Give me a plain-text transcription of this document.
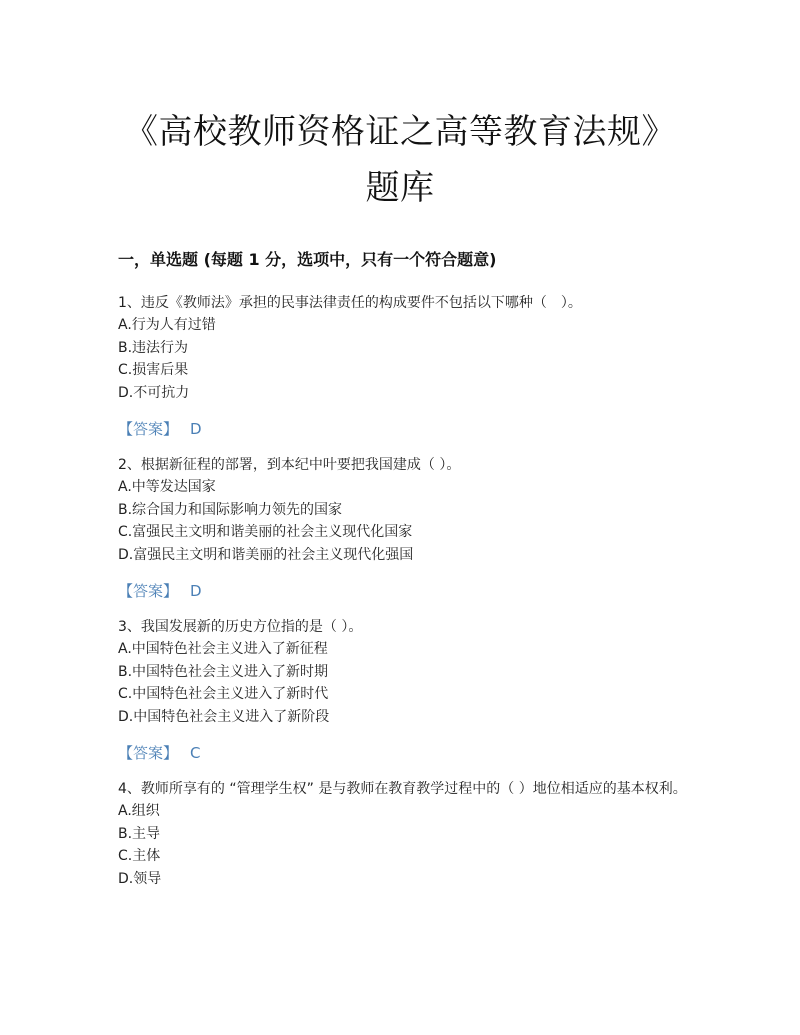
《高校教师资格证之高等教育法规》
题库
一，单选题 (每题 1 分，选项中，只有一个符合题意)
1、违反《教师法》承担的民事法律责任的构成要件不包括以下哪种（　）。
A.行为人有过错
B.违法行为
C.损害后果
D.不可抗力
【答案】 D
2、根据新征程的部署，到本纪中叶要把我国建成（ ）。
A.中等发达国家
B.综合国力和国际影响力领先的国家
C.富强民主文明和谐美丽的社会主义现代化国家
D.富强民主文明和谐美丽的社会主义现代化强国
【答案】 D
3、我国发展新的历史方位指的是（ ）。
A.中国特色社会主义进入了新征程
B.中国特色社会主义进入了新时期
C.中国特色社会主义进入了新时代
D.中国特色社会主义进入了新阶段
【答案】 C
4、教师所享有的 “管理学生权” 是与教师在教育教学过程中的（ ）地位相适应的基本权利。
A.组织
B.主导
C.主体
D.领导
